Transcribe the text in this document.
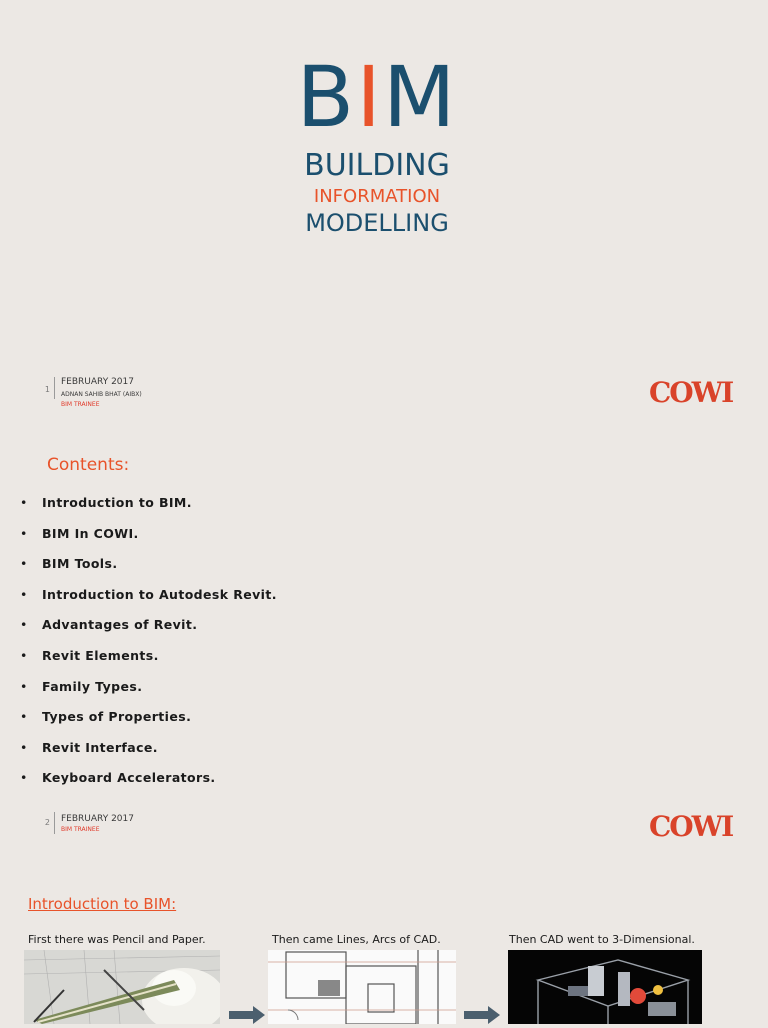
BIM
BUILDING
INFORMATION
MODELLING
1
FEBRUARY 2017
ADNAN SAHIB BHAT (AIBX)
BIM TRAINEE	COWI
Contents:
• Introduction to BIM.
• BIM In COWI.
• BIM Tools.
• Introduction to Autodesk Revit.
• Advantages of Revit.
• Revit Elements.
• Family Types.
• Types of Properties.
• Revit Interface.
• Keyboard Accelerators.
2 FEBRUARY 2017
BIM TRAINEE	COWI
Introduction to BIM:
First there was Pencil and Paper.	Then came Lines, Arcs of CAD.	Then CAD went to 3-Dimensional.
